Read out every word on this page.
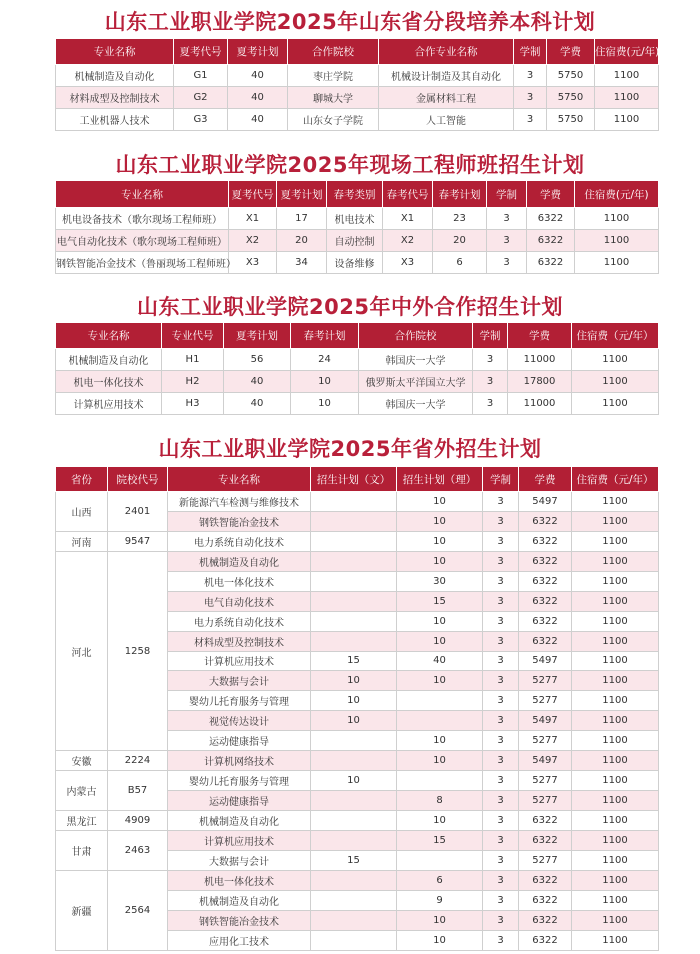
山东工业职业学院2025年山东省分段培养本科计划
专业名称	夏考代号	夏考计划	合作院校	合作专业名称	学制	学费	住宿费(元/年)
机械制造及自动化	G1	40	枣庄学院	机械设计制造及其自动化	3	5750	1100
材料成型及控制技术	G2	40	聊城大学	金属材料工程	3	5750	1100
工业机器人技术	G3	40	山东女子学院	人工智能	3	5750	1100
山东工业职业学院2025年现场工程师班招生计划
专业名称	夏考代号	夏考计划	春考类别	春考代号	春考计划	学制	学费	住宿费(元/年)
机电设备技术（歌尔现场工程师班）	X1	17	机电技术	X1	23	3	6322	1100
电气自动化技术（歌尔现场工程师班）	X2	20	自动控制	X2	20	3	6322	1100
钢铁智能冶金技术（鲁丽现场工程师班）	X3	34	设备维修	X3	6	3	6322	1100
山东工业职业学院2025年中外合作招生计划
专业名称	专业代号	夏考计划	春考计划	合作院校	学制	学费	住宿费（元/年）
机械制造及自动化	H1	56	24	韩国庆一大学	3	11000	1100
机电一体化技术	H2	40	10	俄罗斯太平洋国立大学	3	17800	1100
计算机应用技术	H3	40	10	韩国庆一大学	3	11000	1100
山东工业职业学院2025年省外招生计划
省份	院校代号	专业名称	招生计划（文）	招生计划（理）	学制	学费	住宿费（元/年）
山西	2401	新能源汽车检测与维修技术		10	3	5497	1100
		钢铁智能冶金技术		10	3	6322	1100
河南	9547	电力系统自动化技术		10	3	6322	1100
河北	1258	机械制造及自动化		10	3	6322	1100
		机电一体化技术		30	3	6322	1100
		电气自动化技术		15	3	6322	1100
		电力系统自动化技术		10	3	6322	1100
		材料成型及控制技术		10	3	6322	1100
		计算机应用技术	15	40	3	5497	1100
		大数据与会计	10	10	3	5277	1100
		婴幼儿托育服务与管理	10		3	5277	1100
		视觉传达设计	10		3	5497	1100
		运动健康指导		10	3	5277	1100
安徽	2224	计算机网络技术		10	3	5497	1100
内蒙古	B57	婴幼儿托育服务与管理	10		3	5277	1100
		运动健康指导		8	3	5277	1100
黑龙江	4909	机械制造及自动化		10	3	6322	1100
甘肃	2463	计算机应用技术		15	3	6322	1100
		大数据与会计	15		3	5277	1100
新疆	2564	机电一体化技术		6	3	6322	1100
		机械制造及自动化		9	3	6322	1100
		钢铁智能冶金技术		10	3	6322	1100
		应用化工技术		10	3	6322	1100
